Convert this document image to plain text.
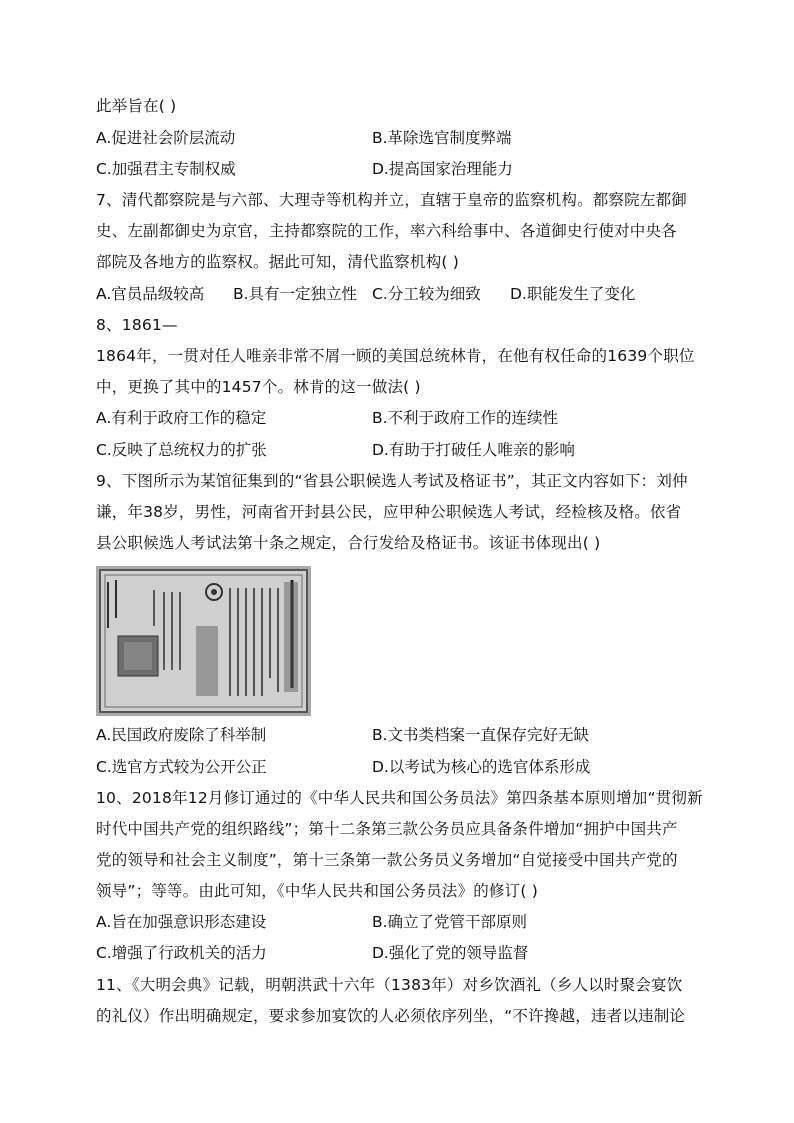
此举旨在( )
A.促进社会阶层流动	B.革除选官制度弊端
C.加强君主专制权威	D.提高国家治理能力
7、清代都察院是与六部、大理寺等机构并立，直辖于皇帝的监察机构。都察院左都御
史、左副都御史为京官，主持都察院的工作，率六科给事中、各道御史行使对中央各
部院及各地方的监察权。据此可知，清代监察机构( )
A.官员品级较高 B.具有一定独立性 C.分工较为细致 D.职能发生了变化
8、1861—
1864年，一贯对任人唯亲非常不屑一顾的美国总统林肯，在他有权任命的1639个职位
中，更换了其中的1457个。林肯的这一做法( )
A.有利于政府工作的稳定	B.不利于政府工作的连续性
C.反映了总统权力的扩张	D.有助于打破任人唯亲的影响
9、下图所示为某馆征集到的“省县公职候选人考试及格证书”，其正文内容如下：刘仲
谦，年38岁，男性，河南省开封县公民，应甲种公职候选人考试，经检核及格。依省
县公职候选人考试法第十条之规定，合行发给及格证书。该证书体现出( )
A.民国政府废除了科举制	B.文书类档案一直保存完好无缺
C.选官方式较为公开公正	D.以考试为核心的选官体系形成
10、2018年12月修订通过的《中华人民共和国公务员法》第四条基本原则增加“贯彻新
时代中国共产党的组织路线”；第十二条第三款公务员应具备条件增加“拥护中国共产
党的领导和社会主义制度”，第十三条第一款公务员义务增加“自觉接受中国共产党的
领导”；等等。由此可知，《中华人民共和国公务员法》的修订( )
A.旨在加强意识形态建设	B.确立了党管干部原则
C.增强了行政机关的活力	D.强化了党的领导监督
11、《大明会典》记载，明朝洪武十六年（1383年）对乡饮酒礼（乡人以时聚会宴饮
的礼仪）作出明确规定，要求参加宴饮的人必须依序列坐，“不许搀越，违者以违制论
